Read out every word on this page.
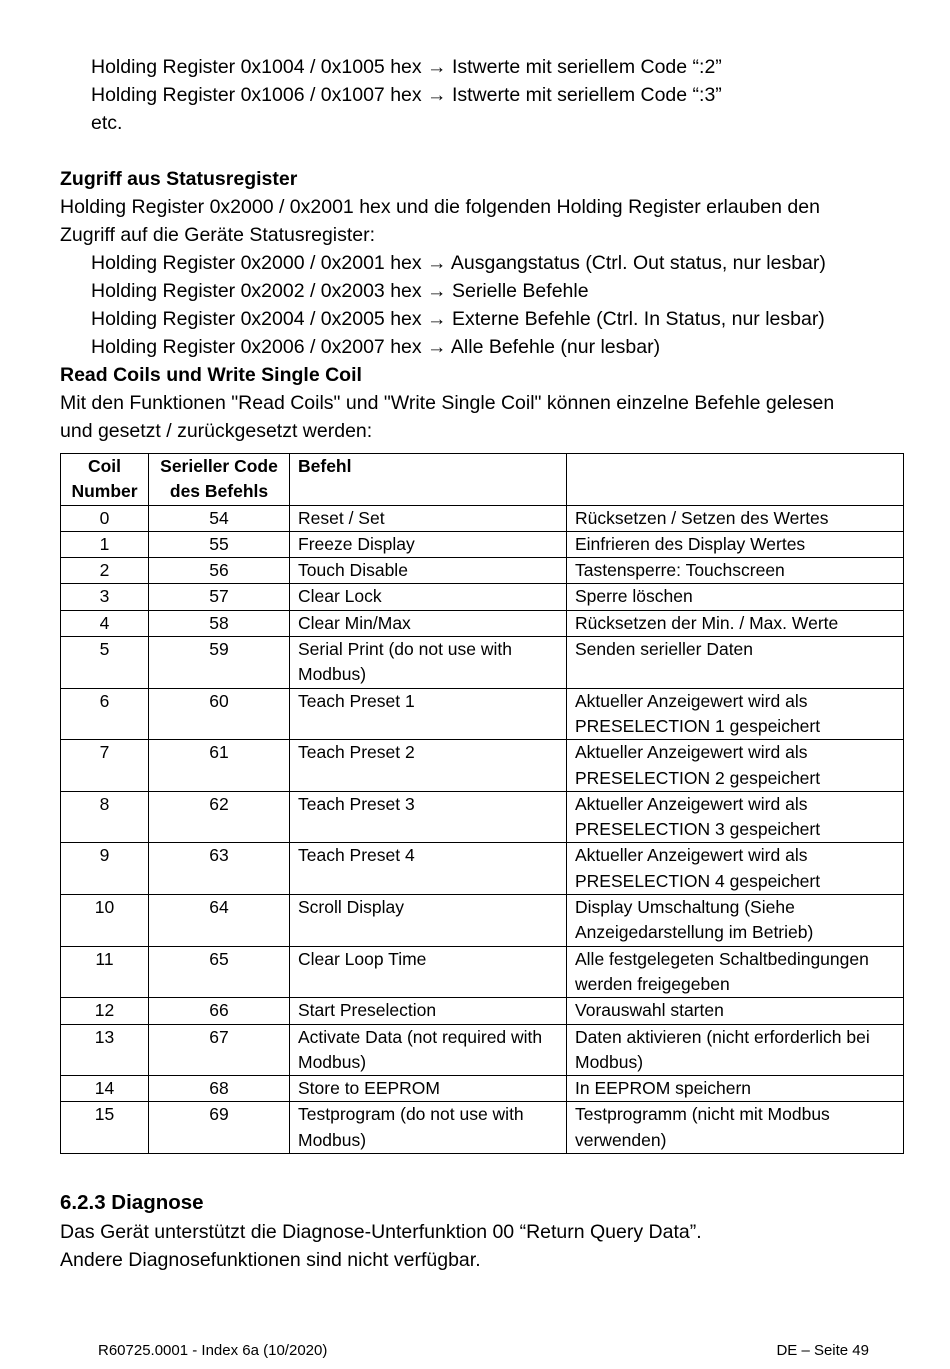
Holding Register 0x1004 / 0x1005 hex → Istwerte mit seriellem Code “:2”
Holding Register 0x1006 / 0x1007 hex → Istwerte mit seriellem Code “:3”
etc.
Zugriff aus Statusregister
Holding Register 0x2000 / 0x2001 hex und die folgenden Holding Register erlauben den
Zugriff auf die Geräte Statusregister:
Holding Register 0x2000 / 0x2001 hex → Ausgangstatus (Ctrl. Out status, nur lesbar)
Holding Register 0x2002 / 0x2003 hex → Serielle Befehle
Holding Register 0x2004 / 0x2005 hex → Externe Befehle (Ctrl. In Status, nur lesbar)
Holding Register 0x2006 / 0x2007 hex → Alle Befehle (nur lesbar)
Read Coils und Write Single Coil
Mit den Funktionen "Read Coils" und "Write Single Coil" können einzelne Befehle gelesen
und gesetzt / zurückgesetzt werden:
Coil Number	Serieller Code des Befehls	Befehl	
0	54	Reset / Set	Rücksetzen / Setzen des Wertes
1	55	Freeze Display	Einfrieren des Display Wertes
2	56	Touch Disable	Tastensperre: Touchscreen
3	57	Clear Lock	Sperre löschen
4	58	Clear Min/Max	Rücksetzen der Min. / Max. Werte
5	59	Serial Print (do not use with Modbus)	Senden serieller Daten
6	60	Teach Preset 1	Aktueller Anzeigewert wird als PRESELECTION 1 gespeichert
7	61	Teach Preset 2	Aktueller Anzeigewert wird als PRESELECTION 2 gespeichert
8	62	Teach Preset 3	Aktueller Anzeigewert wird als PRESELECTION 3 gespeichert
9	63	Teach Preset 4	Aktueller Anzeigewert wird als PRESELECTION 4 gespeichert
10	64	Scroll Display	Display Umschaltung (Siehe Anzeigedarstellung im Betrieb)
11	65	Clear Loop Time	Alle festgelegeten Schaltbedingungen werden freigegeben
12	66	Start Preselection	Vorauswahl starten
13	67	Activate Data (not required with Modbus)	Daten aktivieren (nicht erforderlich bei Modbus)
14	68	Store to EEPROM	In EEPROM speichern
15	69	Testprogram (do not use with Modbus)	Testprogramm (nicht mit Modbus verwenden)
6.2.3 Diagnose
Das Gerät unterstützt die Diagnose-Unterfunktion 00 “Return Query Data”.
Andere Diagnosefunktionen sind nicht verfügbar.
R60725.0001 - Index 6a (10/2020)	DE – Seite 49
